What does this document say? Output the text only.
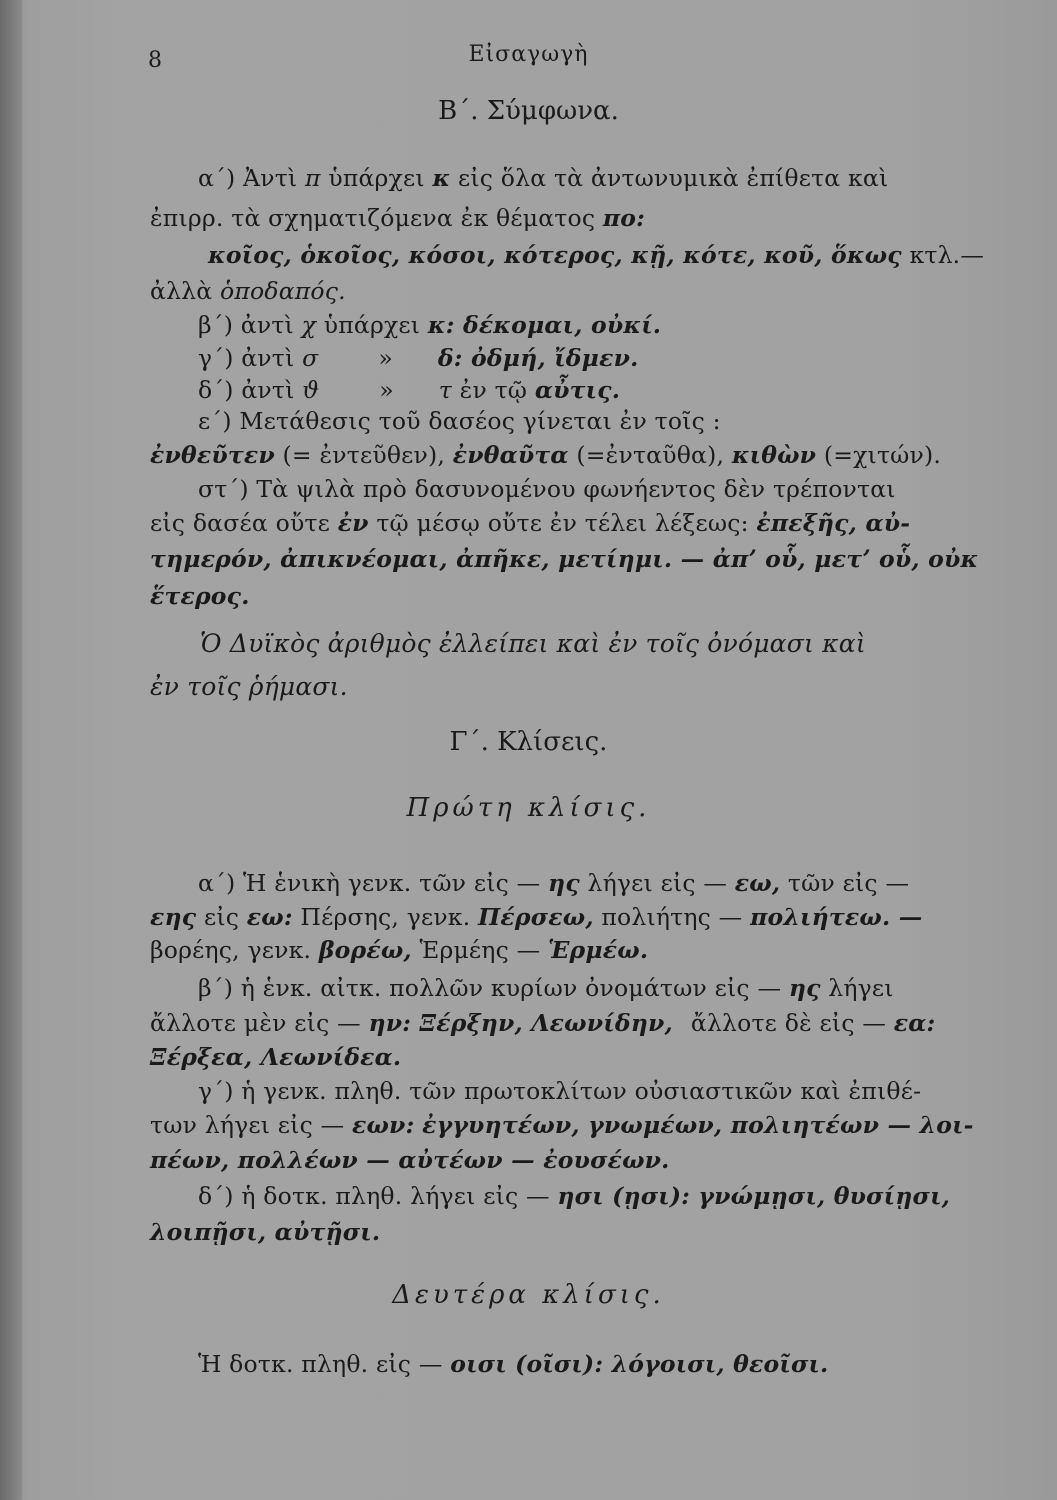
8	Εἰσαγωγὴ
Β΄. Σύμφωνα.
α΄) Ἀντὶ π ὑπάρχει κ εἰς ὅλα τὰ ἀντωνυμικὰ ἐπίθετα καὶ
ἐπιρρ. τὰ σχηματιζόμενα ἐκ θέματος πο:
κοῖος, ὁκοῖος, κόσοι, κότερος, κῇ, κότε, κοῦ, ὅκως κτλ.—
ἀλλὰ ὁποδαπός.
β΄) ἀντὶ χ ὑπάρχει κ: δέκομαι, οὐκί.
γ΄) ἀντὶ σ	» δ: ὀδμή, ἴδμεν.
δ΄) ἀντὶ ϑ	» τ ἐν τῷ αὖτις.
ε΄) Μετάθεσις τοῦ δασέος γίνεται ἐν τοῖς :
ἐνθεῦτεν (= ἐντεῦθεν), ἐνθαῦτα (=ἐνταῦθα), κιθὼν (=χιτών).
στ΄) Τὰ ψιλὰ πρὸ δασυνομένου φωνήεντος δὲν τρέπονται
εἰς δασέα οὔτε ἐν τῷ μέσῳ οὔτε ἐν τέλει λέξεως: ἐπεξῆς, αὐ-
τημερόν, ἀπικνέομαι, ἀπῆκε, μετίημι. — ἀπʼ οὗ, μετʼ οὗ, οὐκ
ἕτερος.
Ὁ Δυϊκὸς ἀριθμὸς ἐλλείπει καὶ ἐν τοῖς ὀνόμασι καὶ
ἐν τοῖς ῥήμασι.
Γ΄. Κλίσεις.
Πρώτη κλίσις.
α΄) Ἡ ἑνικὴ γενκ. τῶν εἰς — ης λήγει εἰς — εω, τῶν εἰς —
εης εἰς εω: Πέρσης, γενκ. Πέρσεω, πολιήτης — πολιήτεω. —
βορέης, γενκ. βορέω, Ἑρμέης — Ἑρμέω.
β΄) ἡ ἑνκ. αἰτκ. πολλῶν κυρίων ὀνομάτων εἰς — ης λήγει
ἄλλοτε μὲν εἰς — ην: Ξέρξην, Λεωνίδην, ἄλλοτε δὲ εἰς — εα:
Ξέρξεα, Λεωνίδεα.
γ΄) ἡ γενκ. πληθ. τῶν πρωτοκλίτων οὐσιαστικῶν καὶ ἐπιθέ-
των λήγει εἰς — εων: ἐγγυητέων, γνωμέων, πολιητέων — λοι-
πέων, πολλέων — αὐτέων — ἐουσέων.
δ΄) ἡ δοτκ. πληθ. λήγει εἰς — ησι (ῃσι): γνώμῃσι, θυσίῃσι,
λοιπῇσι, αὐτῇσι.
Δευτέρα κλίσις.
Ἡ δοτκ. πληθ. εἰς — οισι (οῖσι): λόγοισι, θεοῖσι.
